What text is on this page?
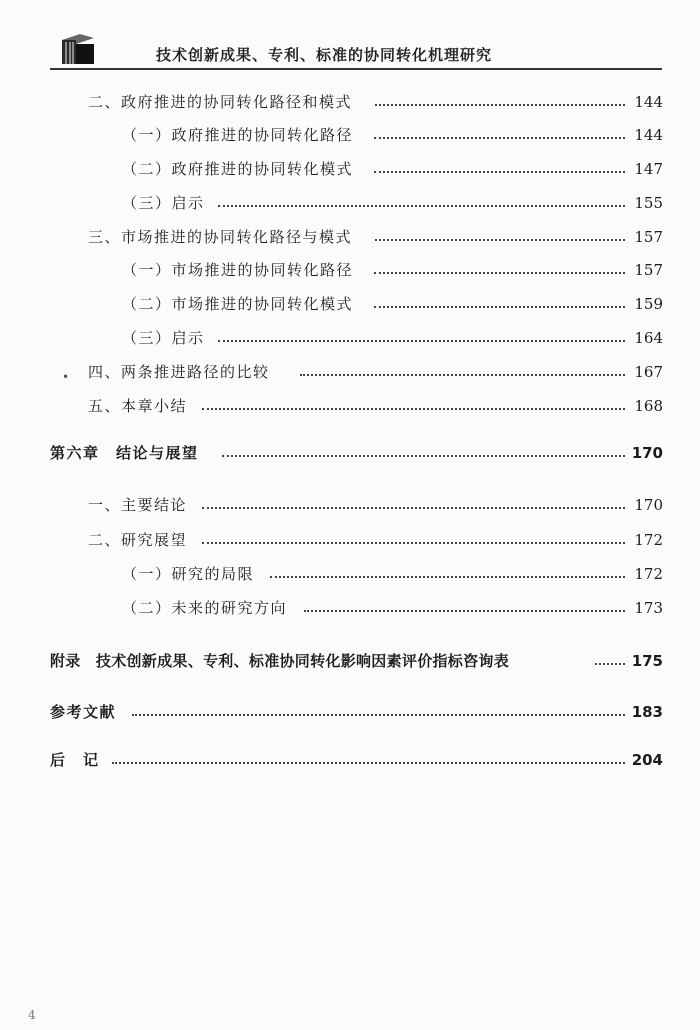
技术创新成果、专利、标准的协同转化机理研究
•
二、政府推进的协同转化路径和模式	144
（一）政府推进的协同转化路径	144
（二）政府推进的协同转化模式	147
（三）启示	155
三、市场推进的协同转化路径与模式	157
（一）市场推进的协同转化路径	157
（二）市场推进的协同转化模式	159
（三）启示	164
四、两条推进路径的比较	167
五、本章小结	168
第六章　结论与展望	170
一、主要结论	170
二、研究展望	172
（一）研究的局限	172
（二）未来的研究方向	173
附录　技术创新成果、专利、标准协同转化影响因素评价指标咨询表	175
参考文献	183
后　记	204
4
